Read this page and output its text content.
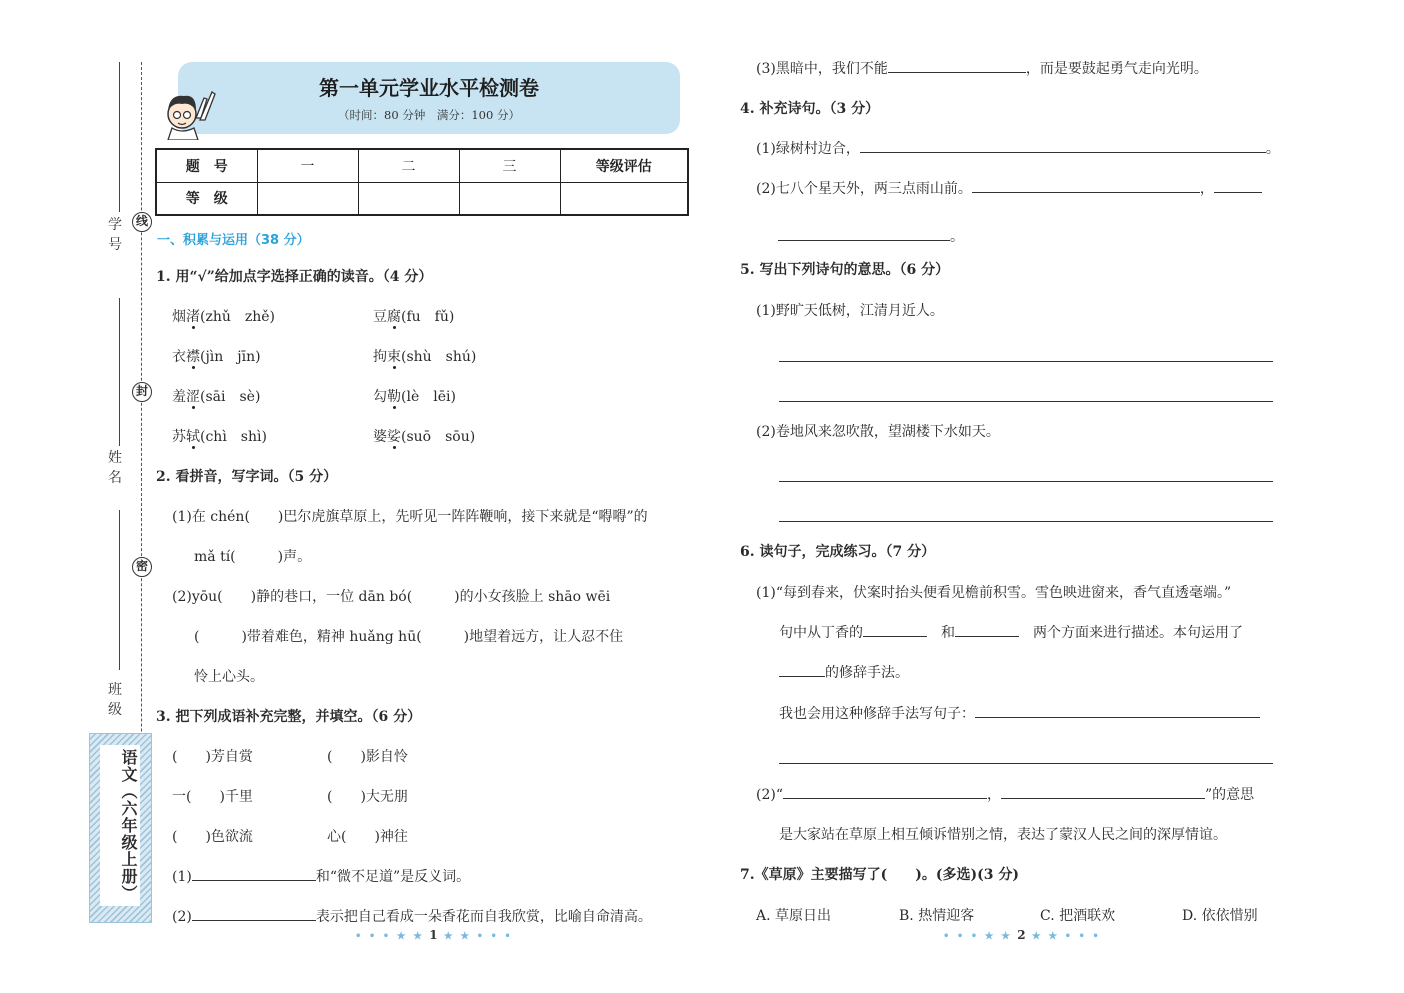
学 号
姓 名
班 级
线
封
密
语文（六年级上册）
第一单元学业水平检测卷
（时间：80 分钟　满分：100 分）
题　号	一	二	三	等级评估
等　级				
一、积累与运用（38 分）
1. 用“√”给加点字选择正确的读音。（4 分）
烟渚(zhǔ　zhě)	豆腐(fu　fǔ)
衣襟(jìn　jīn)	拘束(shù　shú)
羞涩(sāi　sè)	勾勒(lè　lēi)
苏轼(chì　shì)	婆娑(suō　sōu)
2. 看拼音，写字词。（5 分）
(1)在 chén(　　)巴尔虎旗草原上，先听见一阵阵鞭响，接下来就是“嘚嘚”的
mǎ tí(　　　)声。
(2)yōu(　　)静的巷口，一位 dān bó(　　　)的小女孩脸上 shāo wēi
(　　　)带着难色，精神 huǎng hū(　　　)地望着远方，让人忍不住
怜上心头。
3. 把下列成语补充完整，并填空。（6 分）
(　　)芳自赏	(　　)影自怜
一(　　)千里	(　　)大无朋
(　　)色欲流	心(　　)神往
(1)	和“微不足道”是反义词。
(2)	表示把自己看成一朵香花而自我欣赏，比喻自命清高。
• • • ★ ★ 1 ★ ★ • • •
(3)黑暗中，我们不能	，而是要鼓起勇气走向光明。
4. 补充诗句。（3 分）
(1)绿树村边合，	。
(2)七八个星天外，两三点雨山前。	，
。
5. 写出下列诗句的意思。（6 分）
(1)野旷天低树，江清月近人。
(2)卷地风来忽吹散，望湖楼下水如天。
6. 读句子，完成练习。（7 分）
(1)“每到春来，伏案时抬头便看见檐前积雪。雪色映进窗来，香气直透毫端。”
句中从丁香的　	和　	两个方面来进行描述。本句运用了
的修辞手法。
我也会用这种修辞手法写句子：
(2)“	，	”的意思
是大家站在草原上相互倾诉惜别之情，表达了蒙汉人民之间的深厚情谊。
7.《草原》主要描写了(　　)。(多选)(3 分)
A. 草原日出	B. 热情迎客	C. 把酒联欢	D. 依依惜别
• • • ★ ★ 2 ★ ★ • • •
